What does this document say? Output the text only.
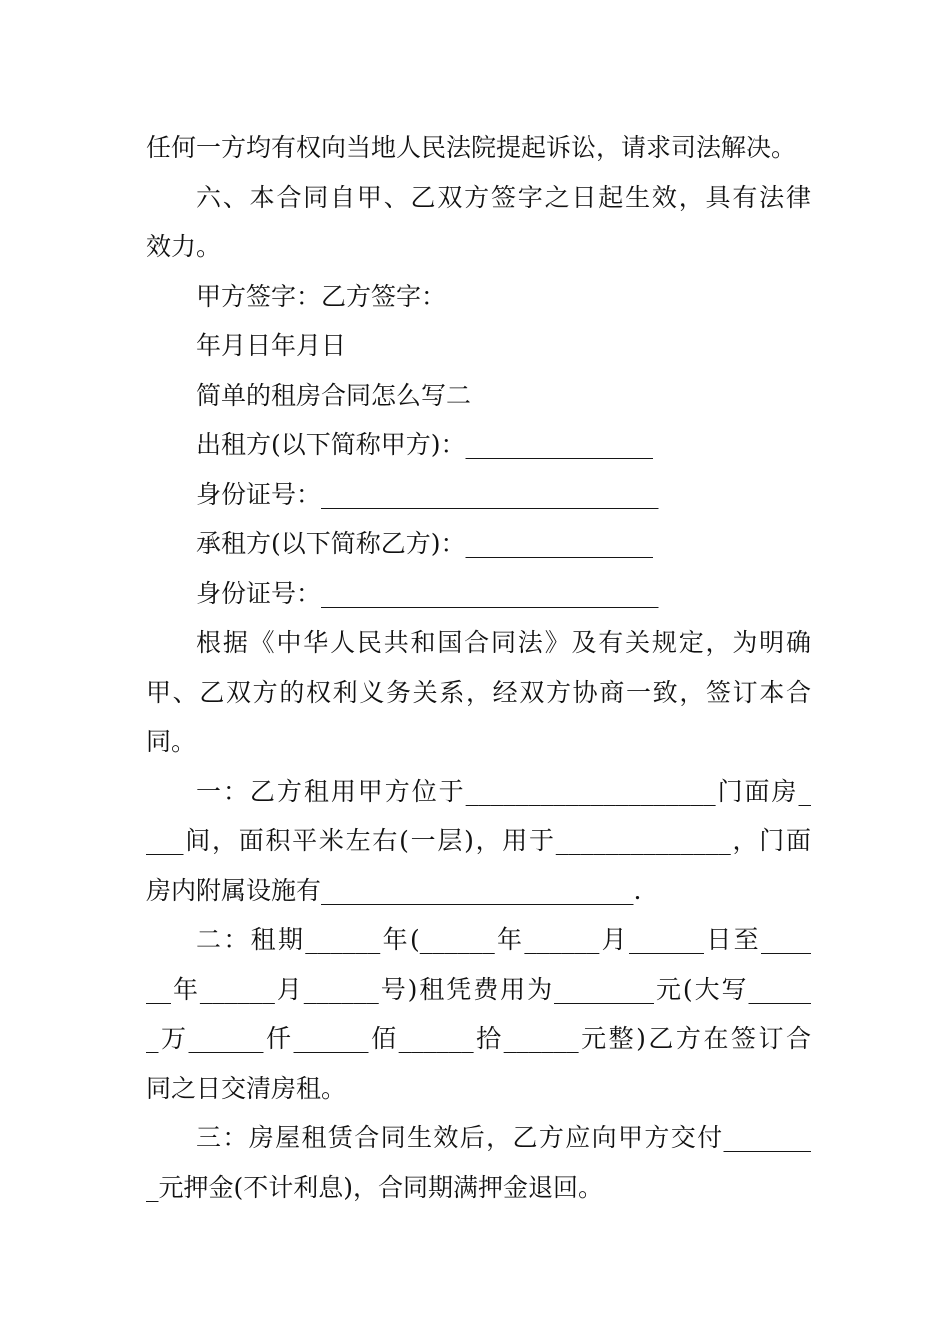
任何一方均有权向当地人民法院提起诉讼，请求司法解决。

六、本合同自甲、乙双方签字之日起生效，具有法律

效力。

甲方签字：乙方签字：

年月日年月日

简单的租房合同怎么写二

出租方(以下简称甲方)：_______________

身份证号：___________________________

承租方(以下简称乙方)：_______________

身份证号：___________________________

根据《中华人民共和国合同法》及有关规定，为明确

甲、乙双方的权利义务关系，经双方协商一致，签订本合

同。

一：乙方租用甲方位于____________________门面房_

___间，面积平米左右(一层)，用于______________，门面

房内附属设施有_________________________.

二：租期______年(______年______月______日至____

__年______月______号)租凭费用为________元(大写_____

_万______仟______佰______拾______元整)乙方在签订合

同之日交清房租。

三：房屋租赁合同生效后，乙方应向甲方交付_______

_元押金(不计利息)，合同期满押金退回。
